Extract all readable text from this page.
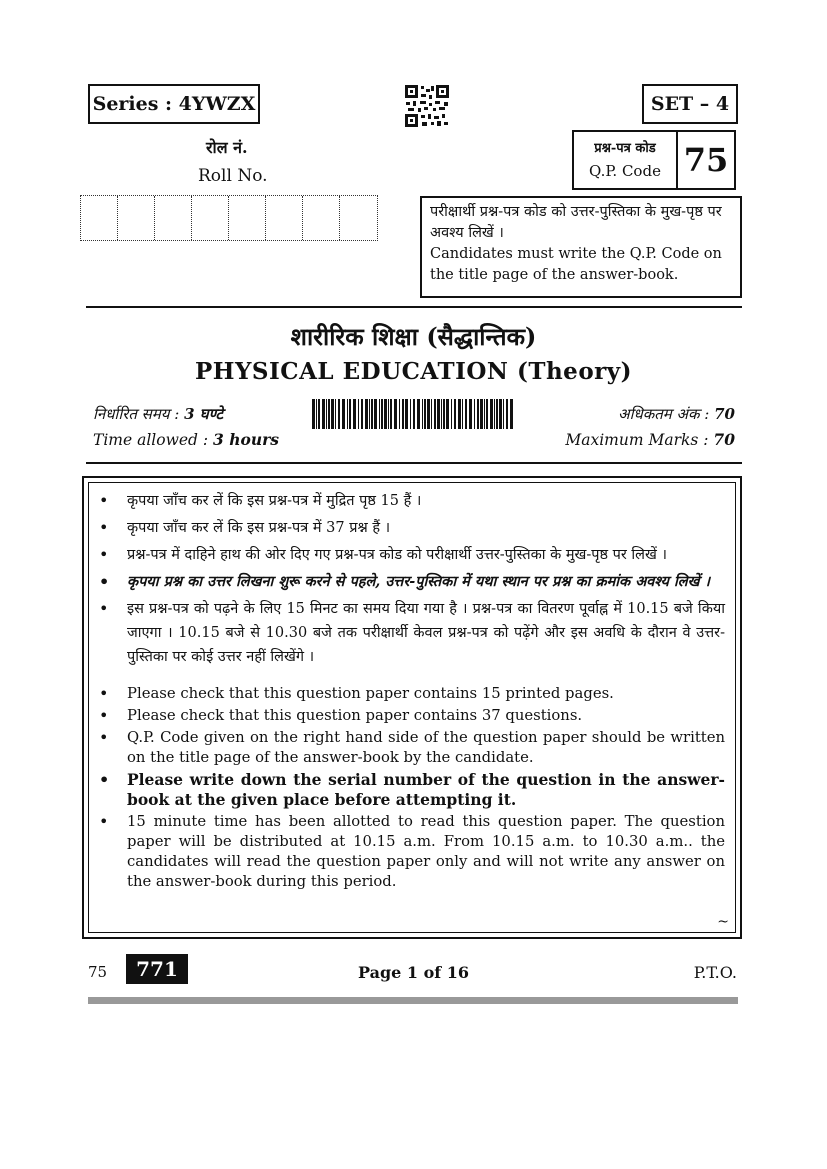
Series : 4YWZX	SET – 4
रोल नं.
Roll No.
प्रश्न-पत्र कोड
Q.P. Code 75
परीक्षार्थी प्रश्न-पत्र कोड को उत्तर-पुस्तिका के मुख-पृष्ठ पर अवश्य लिखें ।
Candidates must write the Q.P. Code on the title page of the answer-book.
शारीरिक शिक्षा (सैद्धान्तिक)
PHYSICAL EDUCATION (Theory)
निर्धारित समय : 3 घण्टे
Time allowed : 3 hours
अधिकतम अंक : 70
Maximum Marks : 70
• कृपया जाँच कर लें कि इस प्रश्न-पत्र में मुद्रित पृष्ठ 15 हैं ।
• कृपया जाँच कर लें कि इस प्रश्न-पत्र में 37 प्रश्न हैं ।
• प्रश्न-पत्र में दाहिने हाथ की ओर दिए गए प्रश्न-पत्र कोड को परीक्षार्थी उत्तर-पुस्तिका के मुख-पृष्ठ पर लिखें ।
• कृपया प्रश्न का उत्तर लिखना शुरू करने से पहले, उत्तर-पुस्तिका में यथा स्थान पर प्रश्न का क्रमांक अवश्य लिखें ।
• इस प्रश्न-पत्र को पढ़ने के लिए 15 मिनट का समय दिया गया है । प्रश्न-पत्र का वितरण पूर्वाह्न में 10.15 बजे किया जाएगा । 10.15 बजे से 10.30 बजे तक परीक्षार्थी केवल प्रश्न-पत्र को पढ़ेंगे और इस अवधि के दौरान वे उत्तर-पुस्तिका पर कोई उत्तर नहीं लिखेंगे ।
• Please check that this question paper contains 15 printed pages.
• Please check that this question paper contains 37 questions.
• Q.P. Code given on the right hand side of the question paper should be written on the title page of the answer-book by the candidate.
• Please write down the serial number of the question in the answer-book at the given place before attempting it.
• 15 minute time has been allotted to read this question paper. The question paper will be distributed at 10.15 a.m. From 10.15 a.m. to 10.30 a.m.. the candidates will read the question paper only and will not write any answer on the answer-book during this period.
~
75	771	Page 1 of 16	P.T.O.
